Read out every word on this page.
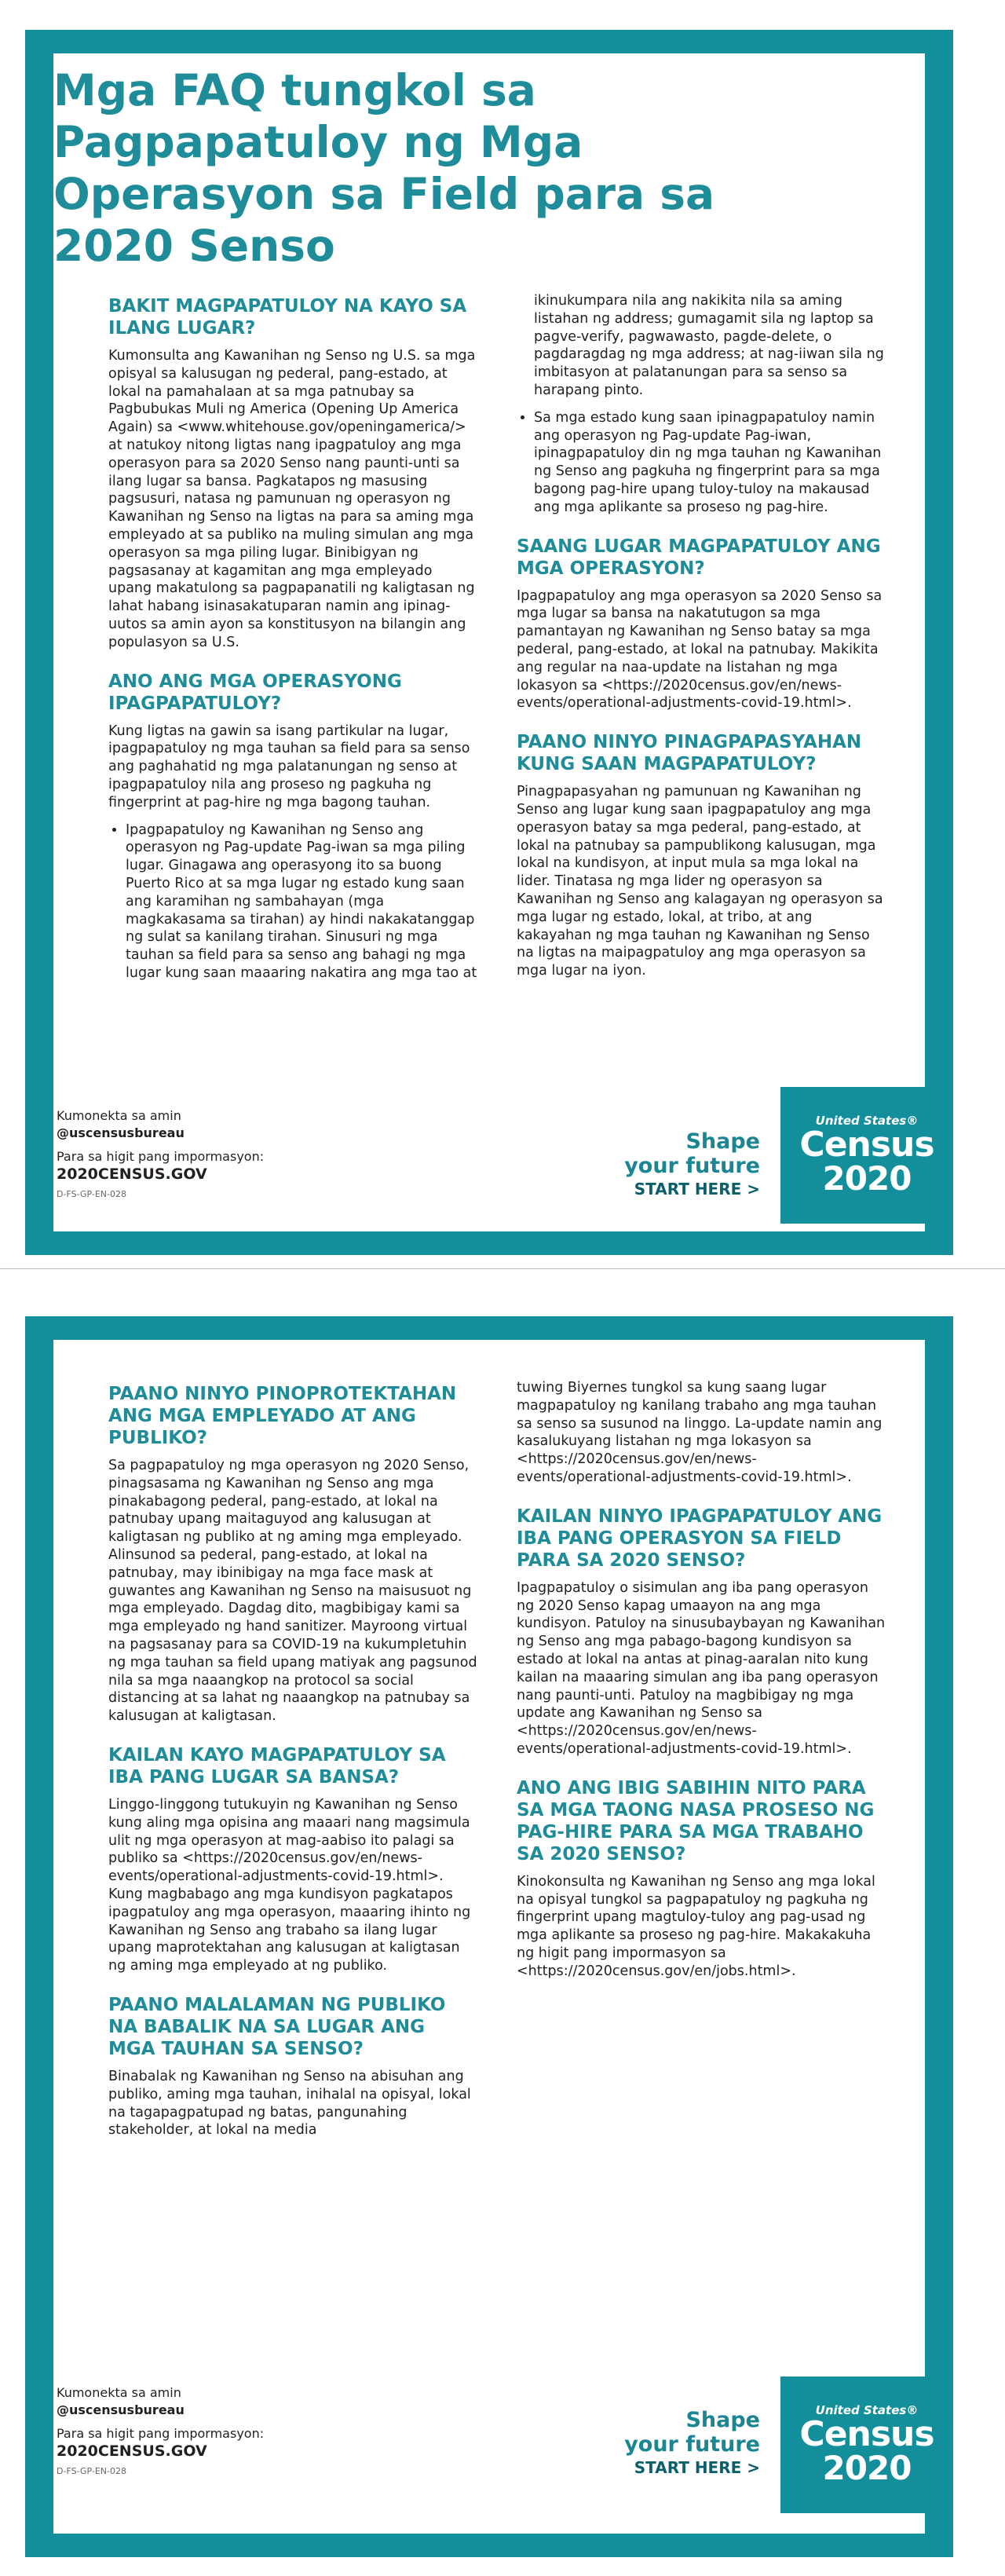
Mga FAQ tungkol sa Pagpapatuloy ng Mga Operasyon sa Field para sa 2020 Senso
BAKIT MAGPAPATULOY NA KAYO SA ILANG LUGAR?

Kumonsulta ang Kawanihan ng Senso ng U.S. sa mga opisyal sa kalusugan ng pederal, pang-estado, at lokal na pamahalaan at sa mga patnubay sa Pagbubukas Muli ng America (Opening Up America Again) sa <www.whitehouse.gov/openingamerica/> at natukoy nitong ligtas nang ipagpatuloy ang mga operasyon para sa 2020 Senso nang paunti-unti sa ilang lugar sa bansa. Pagkatapos ng masusing pagsusuri, natasa ng pamunuan ng operasyon ng Kawanihan ng Senso na ligtas na para sa aming mga empleyado at sa publiko na muling simulan ang mga operasyon sa mga piling lugar. Binibigyan ng pagsasanay at kagamitan ang mga empleyado upang makatulong sa pagpapanatili ng kaligtasan ng lahat habang isinasakatuparan namin ang ipinag-uutos sa amin ayon sa konstitusyon na bilangin ang populasyon sa U.S.

ANO ANG MGA OPERASYONG IPAGPAPATULOY?

Kung ligtas na gawin sa isang partikular na lugar, ipagpapatuloy ng mga tauhan sa field para sa senso ang paghahatid ng mga palatanungan ng senso at ipagpapatuloy nila ang proseso ng pagkuha ng fingerprint at pag-hire ng mga bagong tauhan.

• Ipagpapatuloy ng Kawanihan ng Senso ang operasyon ng Pag-update Pag-iwan sa mga piling lugar. Ginagawa ang operasyong ito sa buong Puerto Rico at sa mga lugar ng estado kung saan ang karamihan ng sambahayan (mga magkakasama sa tirahan) ay hindi nakakatanggap ng sulat sa kanilang tirahan. Sinusuri ng mga tauhan sa field para sa senso ang bahagi ng mga lugar kung saan maaaring nakatira ang mga tao at

ikinukumpara nila ang nakikita nila sa aming listahan ng address; gumagamit sila ng laptop sa pagve-verify, pagwawasto, pagde-delete, o pagdaragdag ng mga address; at nag-iiwan sila ng imbitasyon at palatanungan para sa senso sa harapang pinto.

• Sa mga estado kung saan ipinagpapatuloy namin ang operasyon ng Pag-update Pag-iwan, ipinagpapatuloy din ng mga tauhan ng Kawanihan ng Senso ang pagkuha ng fingerprint para sa mga bagong pag-hire upang tuloy-tuloy na makausad ang mga aplikante sa proseso ng pag-hire.
SAANG LUGAR MAGPAPATULOY ANG MGA OPERASYON?

Ipagpapatuloy ang mga operasyon sa 2020 Senso sa mga lugar sa bansa na nakatutugon sa mga pamantayan ng Kawanihan ng Senso batay sa mga pederal, pang-estado, at lokal na patnubay. Makikita ang regular na naa-update na listahan ng mga lokasyon sa <https://2020census.gov/en/news-events/operational-adjustments-covid-19.html>.

PAANO NINYO PINAGPAPASYAHAN KUNG SAAN MAGPAPATULOY?

Pinagpapasyahan ng pamunuan ng Kawanihan ng Senso ang lugar kung saan ipagpapatuloy ang mga operasyon batay sa mga pederal, pang-estado, at lokal na patnubay sa pampublikong kalusugan, mga lokal na kundisyon, at input mula sa mga lokal na lider. Tinatasa ng mga lider ng operasyon sa Kawanihan ng Senso ang kalagayan ng operasyon sa mga lugar ng estado, lokal, at tribo, at ang kakayahan ng mga tauhan ng Kawanihan ng Senso na ligtas na maipagpatuloy ang mga operasyon sa mga lugar na iyon.

Kumonekta sa amin
@uscensusbureau
Para sa higit pang impormasyon:
2020CENSUS.GOV
D-FS-GP-EN-028
Shape
your future
START HERE >
United States®
Census
2020
PAANO NINYO PINOPROTEKTAHAN ANG MGA EMPLEYADO AT ANG PUBLIKO?

Sa pagpapatuloy ng mga operasyon ng 2020 Senso, pinagsasama ng Kawanihan ng Senso ang mga pinakabagong pederal, pang-estado, at lokal na patnubay upang maitaguyod ang kalusugan at kaligtasan ng publiko at ng aming mga empleyado. Alinsunod sa pederal, pang-estado, at lokal na patnubay, may ibinibigay na mga face mask at guwantes ang Kawanihan ng Senso na maisusuot ng mga empleyado. Dagdag dito, magbibigay kami sa mga empleyado ng hand sanitizer. Mayroong virtual na pagsasanay para sa COVID-19 na kukumpletuhin ng mga tauhan sa field upang matiyak ang pagsunod nila sa mga naaangkop na protocol sa social distancing at sa lahat ng naaangkop na patnubay sa kalusugan at kaligtasan.

KAILAN KAYO MAGPAPATULOY SA IBA PANG LUGAR SA BANSA?

Linggo-linggong tutukuyin ng Kawanihan ng Senso kung aling mga opisina ang maaari nang magsimula ulit ng mga operasyon at mag-aabiso ito palagi sa publiko sa <https://2020census.gov/en/news-events/operational-adjustments-covid-19.html>. Kung magbabago ang mga kundisyon pagkatapos ipagpatuloy ang mga operasyon, maaaring ihinto ng Kawanihan ng Senso ang trabaho sa ilang lugar upang maprotektahan ang kalusugan at kaligtasan ng aming mga empleyado at ng publiko.

PAANO MALALAMAN NG PUBLIKO NA BABALIK NA SA LUGAR ANG MGA TAUHAN SA SENSO?

Binabalak ng Kawanihan ng Senso na abisuhan ang publiko, aming mga tauhan, inihalal na opisyal, lokal na tagapagpatupad ng batas, pangunahing stakeholder, at lokal na media

tuwing Biyernes tungkol sa kung saang lugar magpapatuloy ng kanilang trabaho ang mga tauhan sa senso sa susunod na linggo. La-update namin ang kasalukuyang listahan ng mga lokasyon sa <https://2020census.gov/en/news-events/operational-adjustments-covid-19.html>.

KAILAN NINYO IPAGPAPATULOY ANG IBA PANG OPERASYON SA FIELD PARA SA 2020 SENSO?

Ipagpapatuloy o sisimulan ang iba pang operasyon ng 2020 Senso kapag umaayon na ang mga kundisyon. Patuloy na sinusubaybayan ng Kawanihan ng Senso ang mga pabago-bagong kundisyon sa estado at lokal na antas at pinag-aaralan nito kung kailan na maaaring simulan ang iba pang operasyon nang paunti-unti. Patuloy na magbibigay ng mga update ang Kawanihan ng Senso sa <https://2020census.gov/en/news-events/operational-adjustments-covid-19.html>.

ANO ANG IBIG SABIHIN NITO PARA SA MGA TAONG NASA PROSESO NG PAG-HIRE PARA SA MGA TRABAHO SA 2020 SENSO?

Kinokonsulta ng Kawanihan ng Senso ang mga lokal na opisyal tungkol sa pagpapatuloy ng pagkuha ng fingerprint upang magtuloy-tuloy ang pag-usad ng mga aplikante sa proseso ng pag-hire. Makakakuha ng higit pang impormasyon sa <https://2020census.gov/en/jobs.html>.

Kumonekta sa amin
@uscensusbureau
Para sa higit pang impormasyon:
2020CENSUS.GOV
D-FS-GP-EN-028
Shape
your future
START HERE >
United States®
Census
2020
